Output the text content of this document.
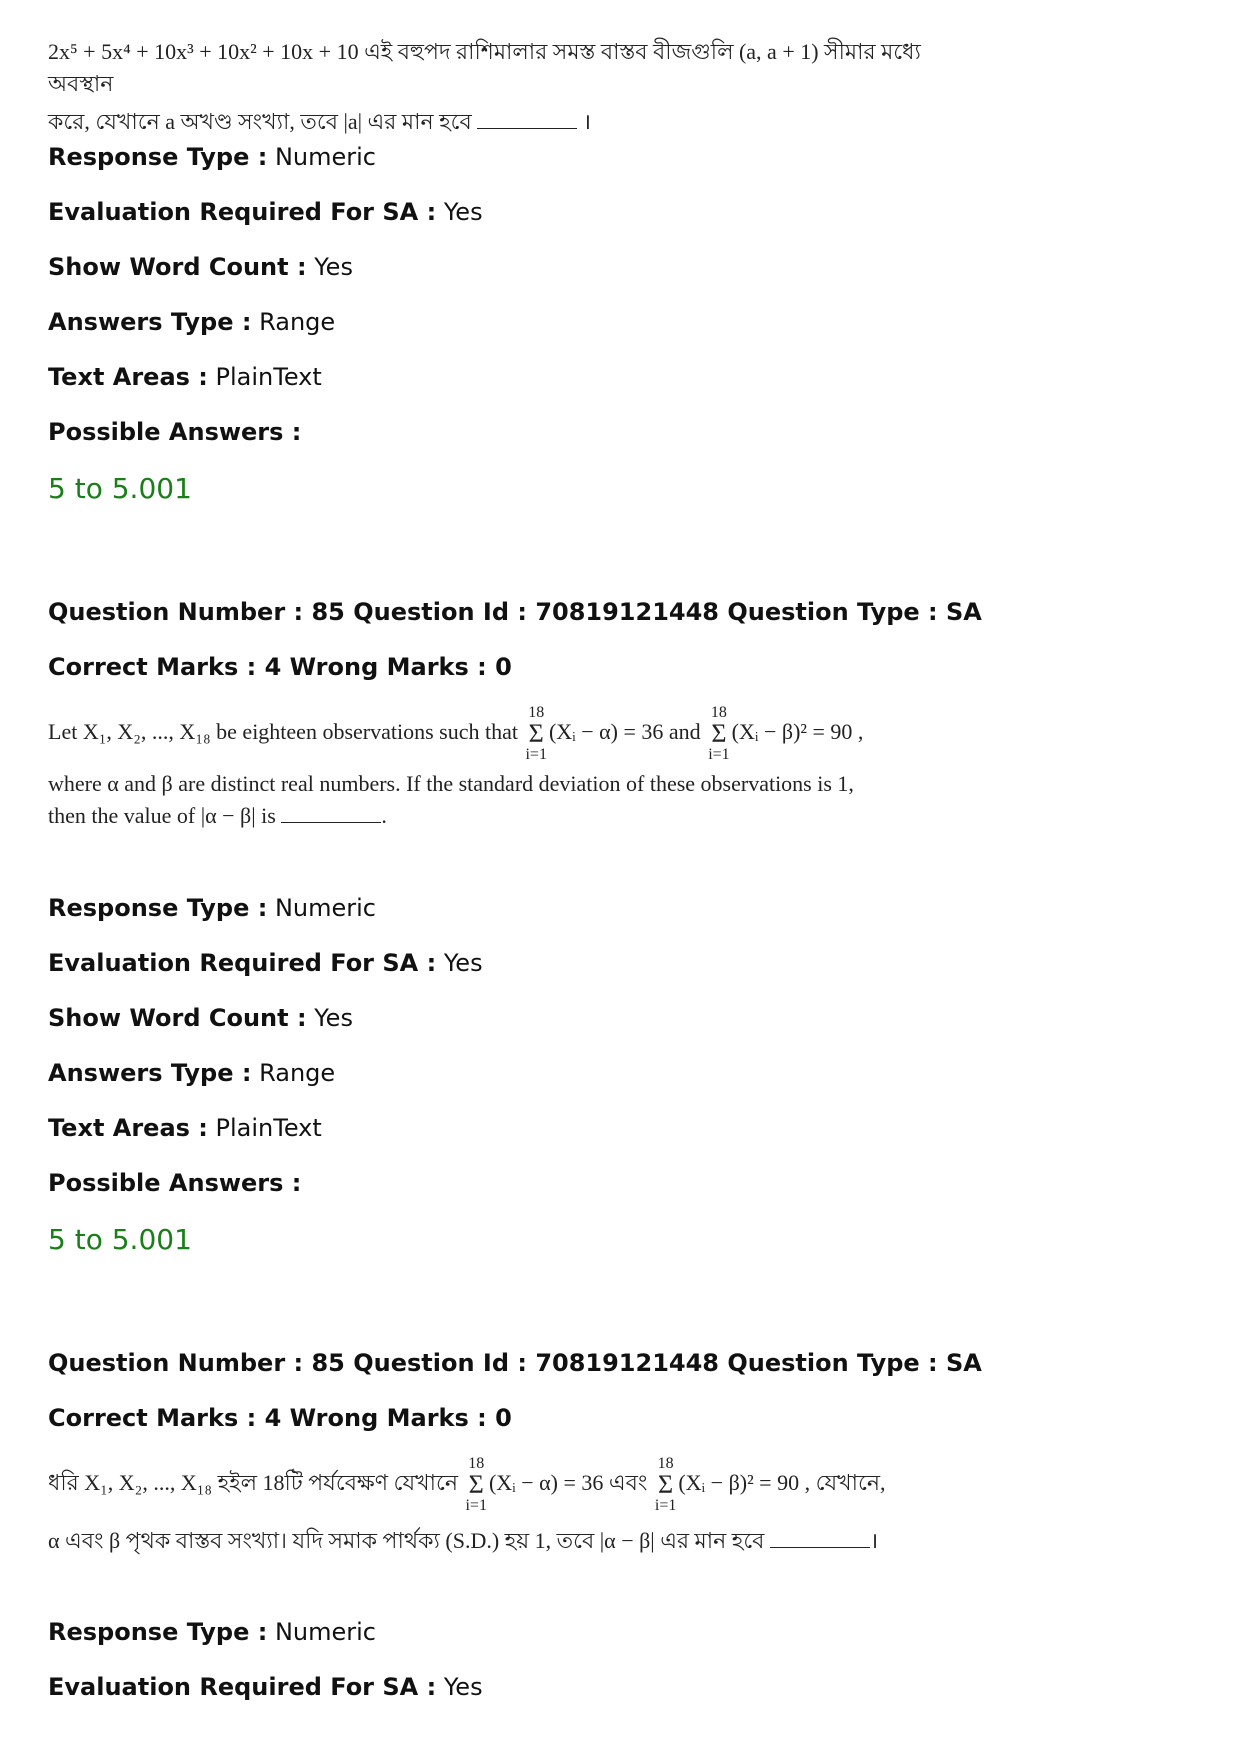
2x⁵ + 5x⁴ + 10x³ + 10x² + 10x + 10 এই বহুপদ রাশিমালার সমস্ত বাস্তব বীজগুলি (a, a + 1) সীমার মধ্যে অবস্থান
করে, যেখানে a অখণ্ড সংখ্যা, তবে |a| এর মান হবে	।
Response Type : Numeric
Evaluation Required For SA : Yes
Show Word Count : Yes
Answers Type : Range
Text Areas : PlainText
Possible Answers :
5 to 5.001
Question Number : 85 Question Id : 70819121448 Question Type : SA
Correct Marks : 4 Wrong Marks : 0
Let X₁, X₂, ..., X₁₈ be eighteen observations such that
18
Σ
i=1
(Xᵢ − α) = 36 and
18
Σ
i=1
(Xᵢ − β)² = 90 ,
where α and β are distinct real numbers. If the standard deviation of these observations is 1,
then the value of |α − β| is	.
Response Type : Numeric
Evaluation Required For SA : Yes
Show Word Count : Yes
Answers Type : Range
Text Areas : PlainText
Possible Answers :
5 to 5.001
Question Number : 85 Question Id : 70819121448 Question Type : SA
Correct Marks : 4 Wrong Marks : 0
ধরি X₁, X₂, ..., X₁₈ হইল 18টি পর্যবেক্ষণ যেখানে
18
Σ
i=1
(Xᵢ − α) = 36 এবং
18
Σ
i=1
(Xᵢ − β)² = 90 , যেখানে,
α এবং β পৃথক বাস্তব সংখ্যা। যদি সমাক পার্থক্য (S.D.) হয় 1, তবে |α − β| এর মান হবে	।
Response Type : Numeric
Evaluation Required For SA : Yes
